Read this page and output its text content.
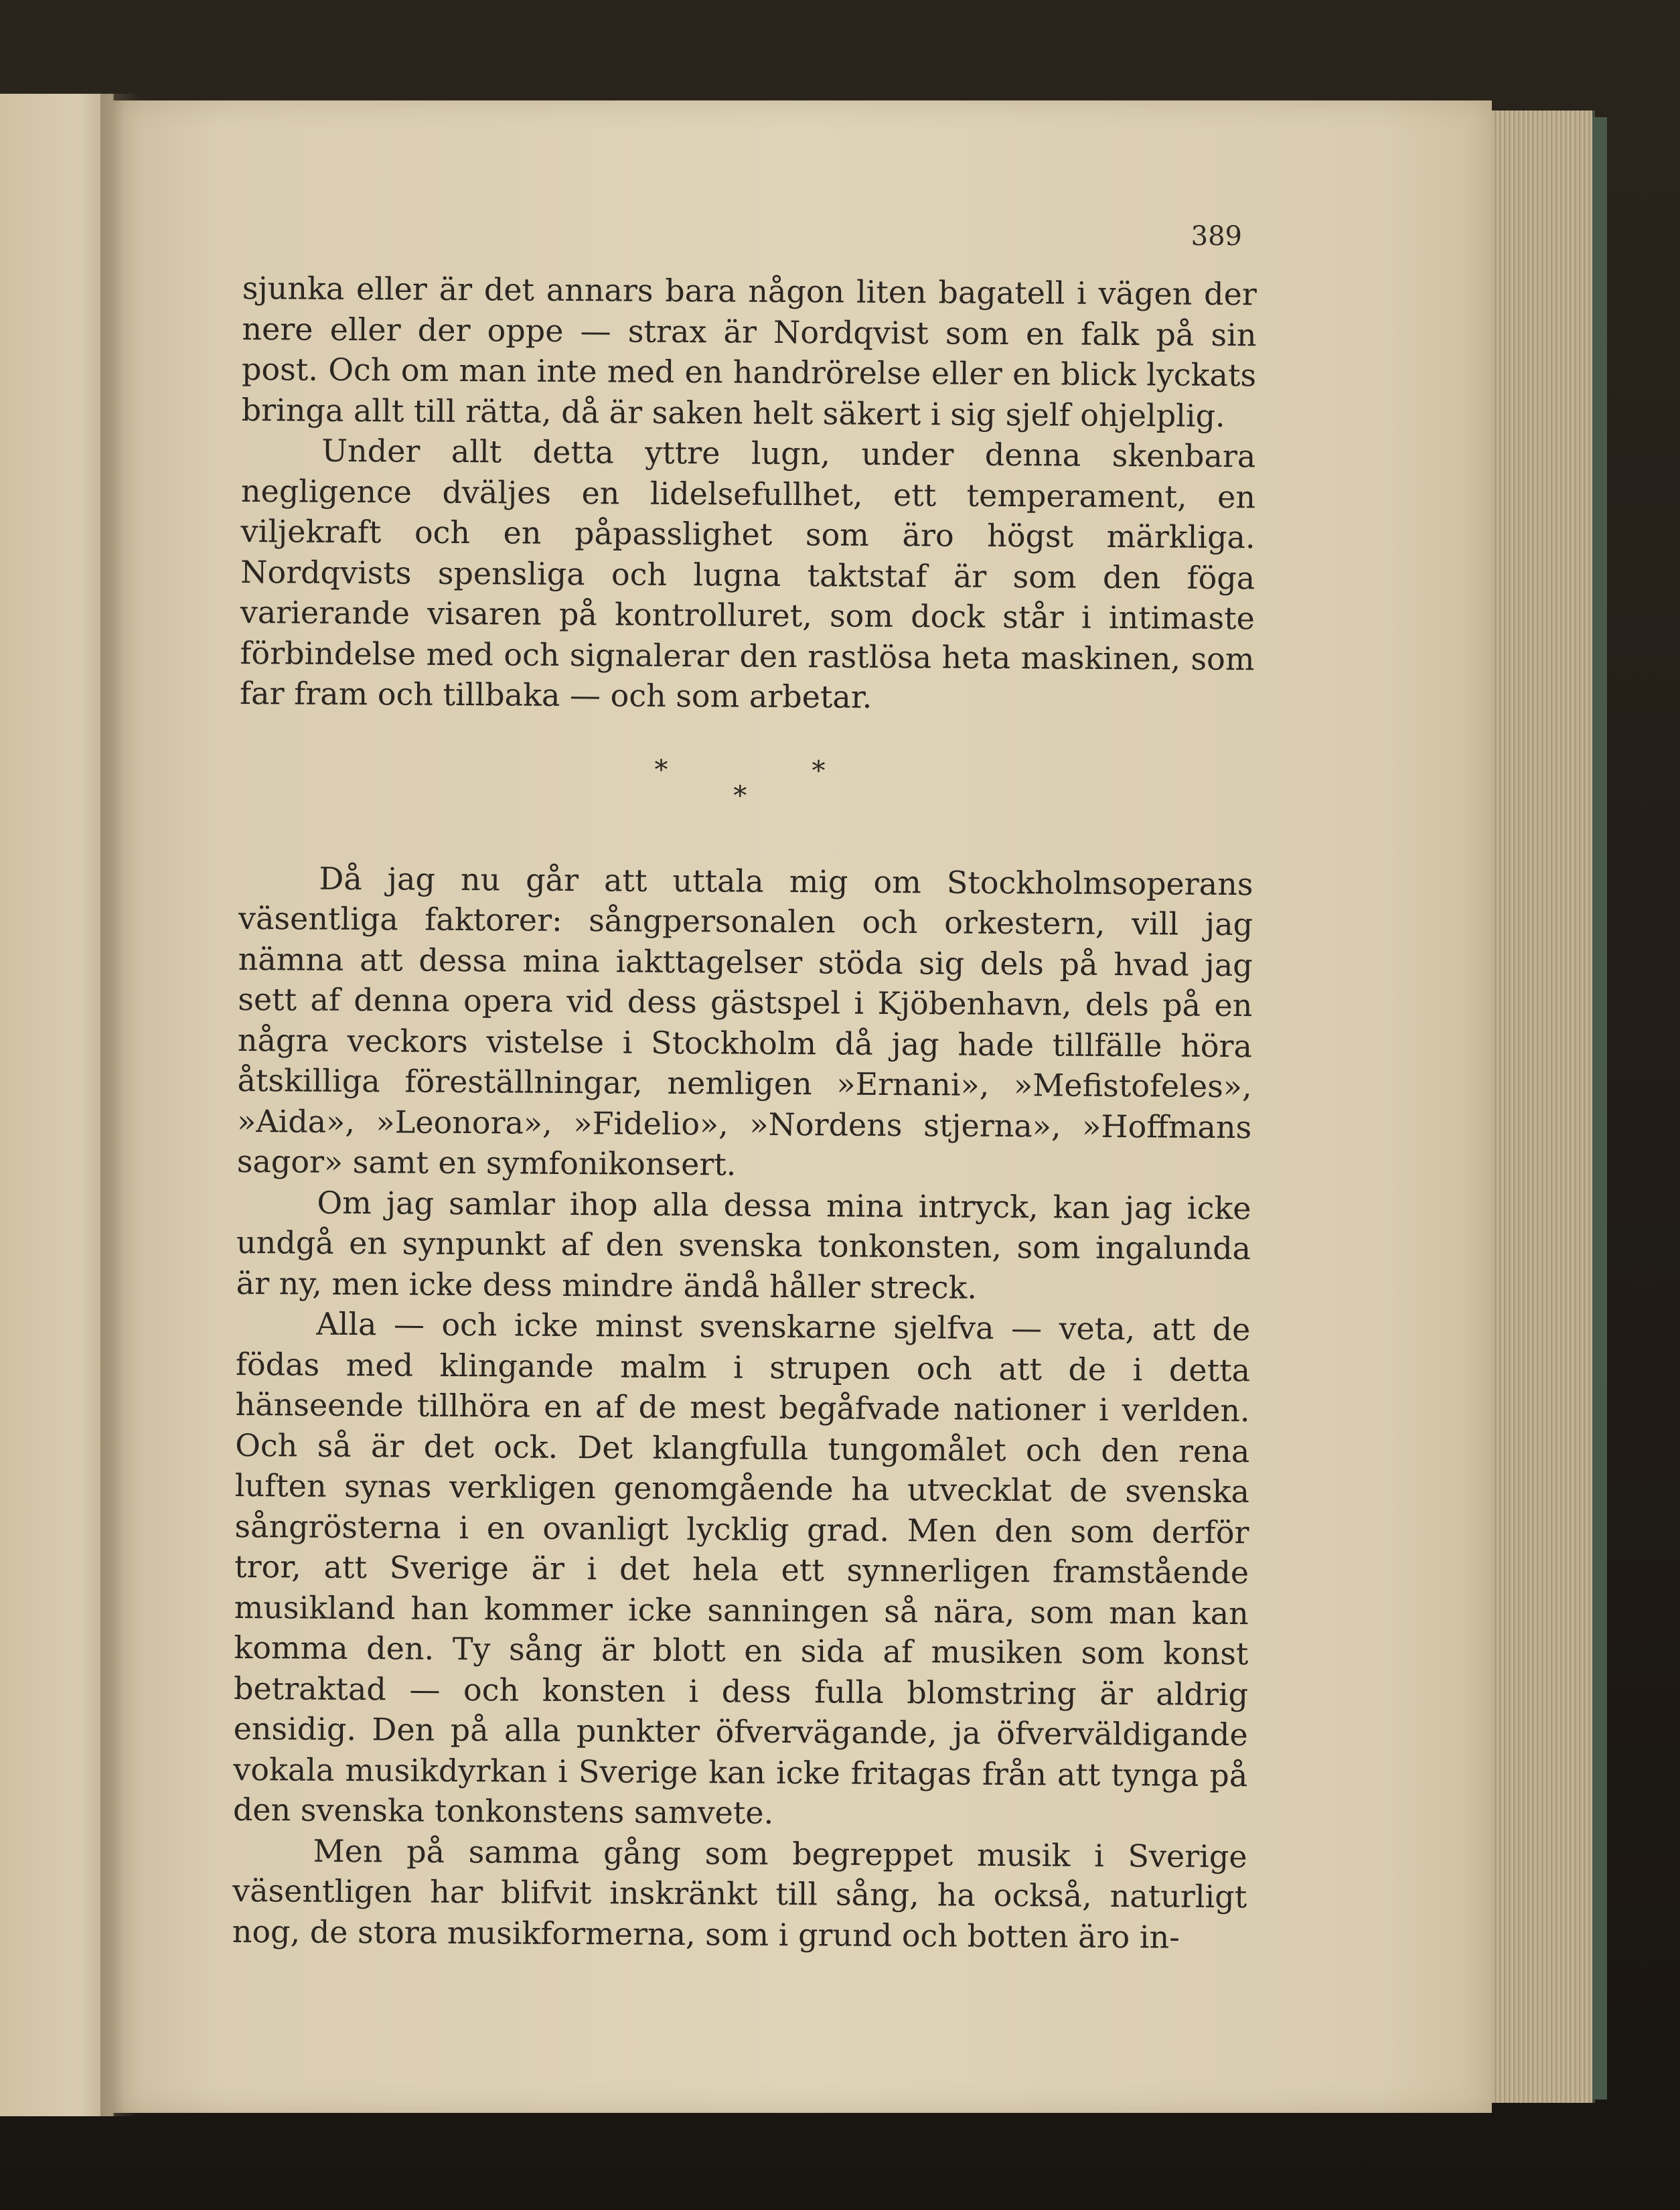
389

sjunka eller är det annars bara någon liten bagatell i vägen der nere eller der oppe — strax är Nordqvist som en falk på sin post. Och om man inte med en handrörelse eller en blick lyckats bringa allt till rätta, då är saken helt säkert i sig sjelf ohjelplig.

Under allt detta yttre lugn, under denna skenbara negligence dväljes en lidelsefullhet, ett temperament, en viljekraft och en påpasslighet som äro högst märkliga. Nordqvists spensliga och lugna taktstaf är som den föga varierande visaren på kontrolluret, som dock står i intimaste förbindelse med och signalerar den rastlösa heta maskinen, som far fram och tillbaka — och som arbetar.

*	*
*

Då jag nu går att uttala mig om Stockholmsoperans väsentliga faktorer: sångpersonalen och orkestern, vill jag nämna att dessa mina iakttagelser stöda sig dels på hvad jag sett af denna opera vid dess gästspel i Kjöbenhavn, dels på en några veckors vistelse i Stockholm då jag hade tillfälle höra åtskilliga föreställningar, nemligen »Ernani», »Mefistofeles», »Aida», »Leonora», »Fidelio», »Nordens stjerna», »Hoffmans sagor» samt en symfonikonsert.

Om jag samlar ihop alla dessa mina intryck, kan jag icke undgå en synpunkt af den svenska tonkonsten, som ingalunda är ny, men icke dess mindre ändå håller streck.

Alla — och icke minst svenskarne sjelfva — veta, att de födas med klingande malm i strupen och att de i detta hänseende tillhöra en af de mest begåfvade nationer i verlden. Och så är det ock. Det klangfulla tungomålet och den rena luften synas verkligen genomgående ha utvecklat de svenska sångrösterna i en ovanligt lycklig grad. Men den som derför tror, att Sverige är i det hela ett synnerligen framstående musikland han kommer icke sanningen så nära, som man kan komma den. Ty sång är blott en sida af musiken som konst betraktad — och konsten i dess fulla blomstring är aldrig ensidig. Den på alla punkter öfvervägande, ja öfverväldigande vokala musikdyrkan i Sverige kan icke fritagas från att tynga på den svenska tonkonstens samvete.

Men på samma gång som begreppet musik i Sverige väsentligen har blifvit inskränkt till sång, ha också, naturligt nog, de stora musikformerna, som i grund och botten äro in-
